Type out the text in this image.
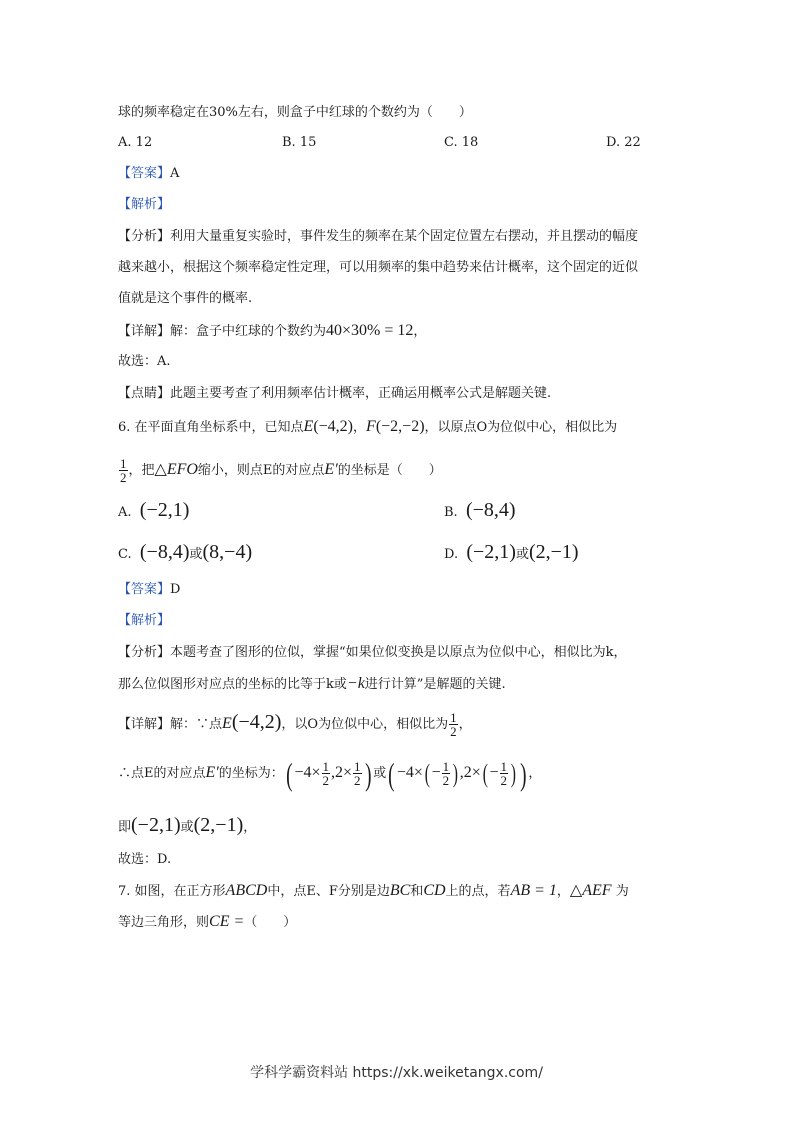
球的频率稳定在30%左右，则盒子中红球的个数约为（　　）
A. 12	B. 15	C. 18	D. 22
【答案】A
【解析】
【分析】利用大量重复实验时，事件发生的频率在某个固定位置左右摆动，并且摆动的幅度
越来越小，根据这个频率稳定性定理，可以用频率的集中趋势来估计概率，这个固定的近似
值就是这个事件的概率.
【详解】解：盒子中红球的个数约为40×30% = 12，
故选：A.
【点睛】此题主要考查了利用频率估计概率，正确运用概率公式是解题关键.
6. 在平面直角坐标系中，已知点E(−4,2)，F(−2,−2)，以原点O为位似中心，相似比为
$\frac{1}{2}$ ，把△EFO缩小，则点E的对应点E′的坐标是（　　）
A. (−2,1)	B. (−8,4)
C. (−8,4)或(8,−4)	D. (−2,1)或(2,−1)
【答案】D
【解析】
【分析】本题考查了图形的位似，掌握“如果位似变换是以原点为位似中心，相似比为k，
那么位似图形对应点的坐标的比等于k或−k进行计算”是解题的关键.
【详解】解：∵点E(−4,2)，以O为位似中心，相似比为 $\frac{1}{2}$ ，
∴点E的对应点E′的坐标为：( $-4\times \frac{1}{2} ,2\times \frac{1}{2}$ ) 或( $-4\times( - \frac{1}{2}$ ) $,2\times( - \frac{1}{2}$ ) ) ，
即(−2,1)或(2,−1)，
故选：D.
7. 如图，在正方形ABCD中，点E、F分别是边BC和CD上的点，若AB = 1，△AEF 为
等边三角形，则CE =（　　）
学科学霸资料站 https://xk.weiketangx.com/
